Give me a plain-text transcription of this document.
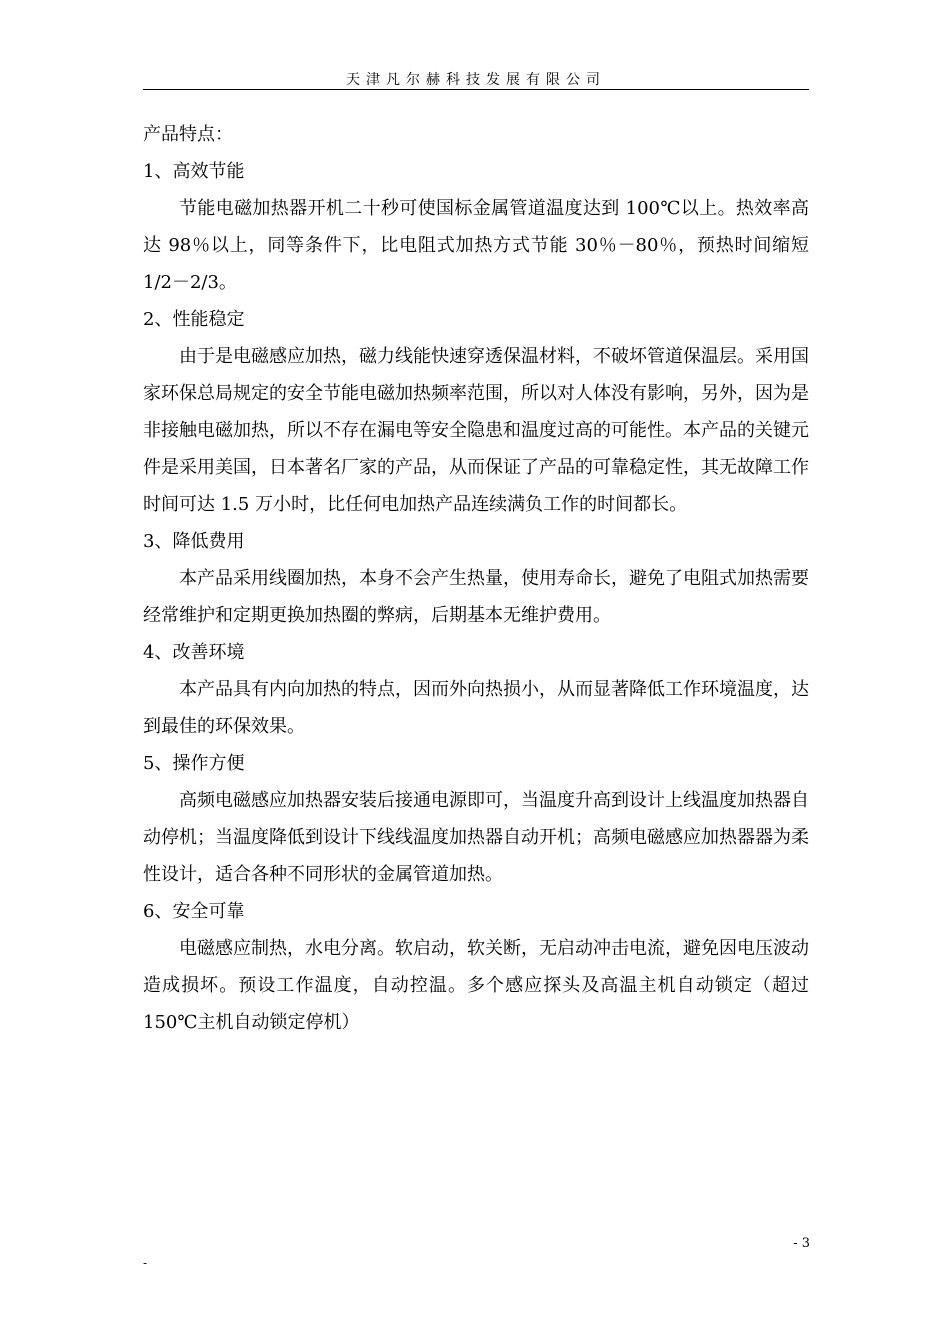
天津凡尔赫科技发展有限公司
产品特点：
1、高效节能
节能电磁加热器开机二十秒可使国标金属管道温度达到 100℃以上。热效率高达 98％以上，同等条件下，比电阻式加热方式节能 30％－80％，预热时间缩短 1/2－2/3。
2、性能稳定
由于是电磁感应加热，磁力线能快速穿透保温材料，不破坏管道保温层。采用国家环保总局规定的安全节能电磁加热频率范围，所以对人体没有影响，另外，因为是非接触电磁加热，所以不存在漏电等安全隐患和温度过高的可能性。本产品的关键元件是采用美国，日本著名厂家的产品，从而保证了产品的可靠稳定性，其无故障工作时间可达 1.5 万小时，比任何电加热产品连续满负工作的时间都长。
3、降低费用
本产品采用线圈加热，本身不会产生热量，使用寿命长，避免了电阻式加热需要经常维护和定期更换加热圈的弊病，后期基本无维护费用。
4、改善环境
本产品具有内向加热的特点，因而外向热损小，从而显著降低工作环境温度，达到最佳的环保效果。
5、操作方便
高频电磁感应加热器安装后接通电源即可，当温度升高到设计上线温度加热器自动停机；当温度降低到设计下线线温度加热器自动开机；高频电磁感应加热器器为柔性设计，适合各种不同形状的金属管道加热。
6、安全可靠
电磁感应制热，水电分离。软启动，软关断，无启动冲击电流，避免因电压波动造成损坏。预设工作温度，自动控温。多个感应探头及高温主机自动锁定（超过 150℃主机自动锁定停机）
- 3
-
